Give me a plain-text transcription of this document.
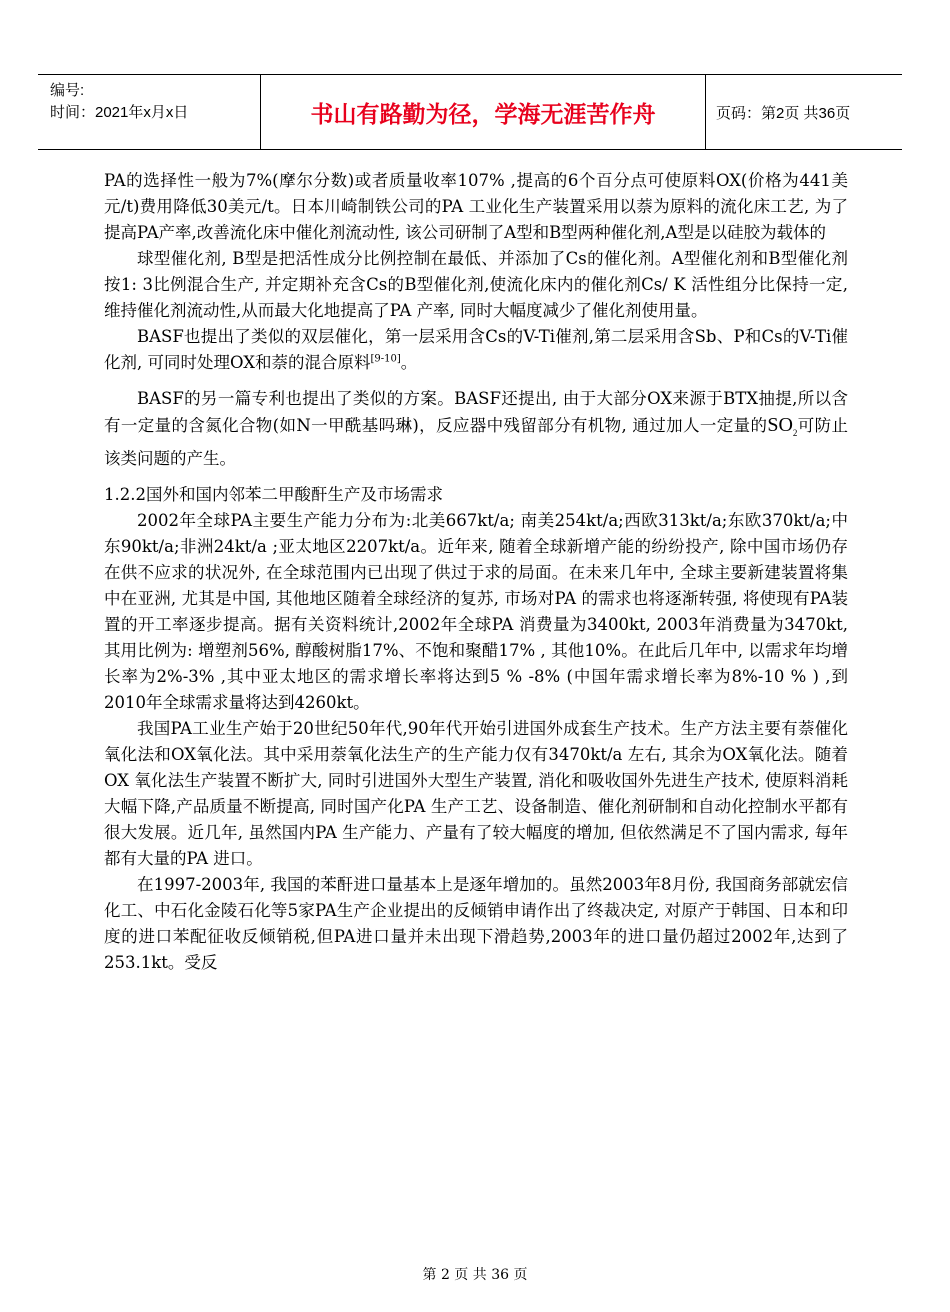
编号:
时间：2021年x月x日	书山有路勤为径，学海无涯苦作舟	页码：第2页 共36页

PA的选择性一般为7%(摩尔分数)或者质量收率107% ,提高的6个百分点可使原料OX(价格为441美元/t)费用降低30美元/t。日本川崎制铁公司的PA 工业化生产装置采用以萘为原料的流化床工艺, 为了提高PA产率,改善流化床中催化剂流动性, 该公司研制了A型和B型两种催化剂,A型是以硅胶为载体的

球型催化剂, B型是把活性成分比例控制在最低、并添加了Cs的催化剂。A型催化剂和B型催化剂按1: 3比例混合生产, 并定期补充含Cs的B型催化剂,使流化床内的催化剂Cs/ K 活性组分比保持一定, 维持催化剂流动性,从而最大化地提高了PA 产率, 同时大幅度减少了催化剂使用量。

BASF也提出了类似的双层催化，第一层采用含Cs的V-Ti催剂,第二层采用含Sb、P和Cs的V-Ti催化剂, 可同时处理OX和萘的混合原料[9-10]。

BASF的另一篇专利也提出了类似的方案。BASF还提出, 由于大部分OX来源于BTX抽提,所以含有一定量的含氮化合物(如N一甲酰基吗琳)，反应器中残留部分有机物, 通过加人一定量的$SO_2$可防止该类问题的产生。

1.2.2国外和国内邻苯二甲酸酐生产及市场需求

2002年全球PA主要生产能力分布为:北美667kt/a; 南美254kt/a;西欧313kt/a;东欧370kt/a;中东90kt/a;非洲24kt/a ;亚太地区2207kt/a。近年来, 随着全球新增产能的纷纷投产, 除中国市场仍存在供不应求的状况外, 在全球范围内已出现了供过于求的局面。在未来几年中, 全球主要新建装置将集中在亚洲, 尤其是中国, 其他地区随着全球经济的复苏, 市场对PA 的需求也将逐渐转强, 将使现有PA装置的开工率逐步提高。据有关资料统计,2002年全球PA 消费量为3400kt, 2003年消费量为3470kt, 其用比例为: 增塑剂56%, 醇酸树脂17%、不饱和聚醋17% , 其他10%。在此后几年中, 以需求年均增长率为2%-3% ,其中亚太地区的需求增长率将达到5 % -8% (中国年需求增长率为8%-10 % ) ,到2010年全球需求量将达到4260kt。

我国PA工业生产始于20世纪50年代,90年代开始引进国外成套生产技术。生产方法主要有萘催化氧化法和OX氧化法。其中采用萘氧化法生产的生产能力仅有3470kt/a 左右, 其余为OX氧化法。随着OX 氧化法生产装置不断扩大, 同时引进国外大型生产装置, 消化和吸收国外先进生产技术, 使原料消耗大幅下降,产品质量不断提高, 同时国产化PA 生产工艺、设备制造、催化剂研制和自动化控制水平都有很大发展。近几年, 虽然国内PA 生产能力、产量有了较大幅度的增加, 但依然满足不了国内需求, 每年都有大量的PA 进口。

在1997-2003年, 我国的苯酐进口量基本上是逐年增加的。虽然2003年8月份, 我国商务部就宏信化工、中石化金陵石化等5家PA生产企业提出的反倾销申请作出了终裁决定, 对原产于韩国、日本和印度的进口苯配征收反倾销税,但PA进口量并未出现下滑趋势,2003年的进口量仍超过2002年,达到了253.1kt。受反

第 2 页 共 36 页
